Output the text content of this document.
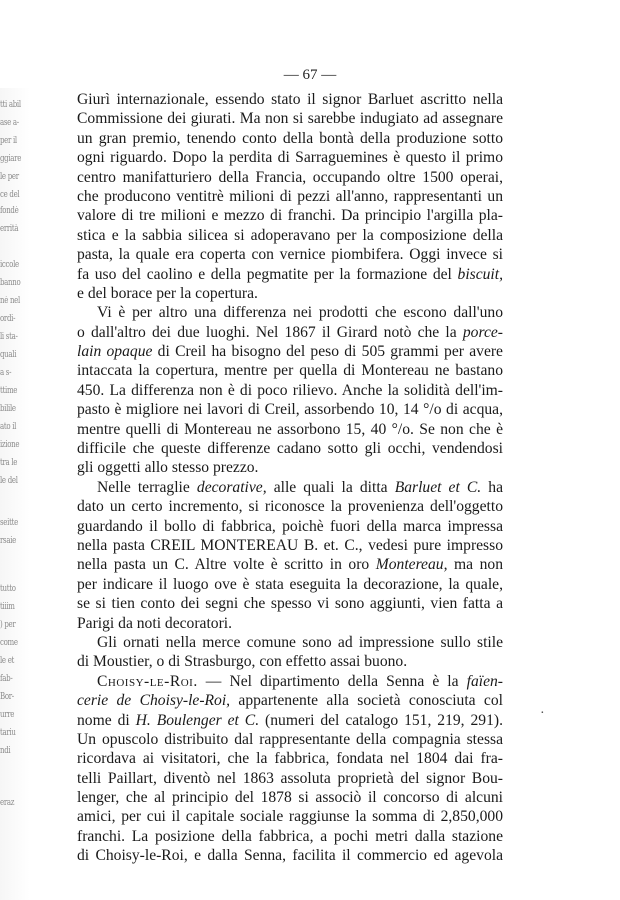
tti abil
ase a-
per il
ggiare
le per
ce del
fondè
errità
iccole
banno
nè nel
ordi-
li sta-
quali
a s-
ttime
bilile
ato il
izione
tra le
le del
seitte
rsaie
tutto
tiiim
) per
come
le et
fab-
Bor-
urre
tariu
ndi
eraz
— 67 —
Giurì internazionale, essendo stato il signor Barluet ascritto nella
Commissione dei giurati. Ma non si sarebbe indugiato ad assegnare
un gran premio, tenendo conto della bontà della produzione sotto
ogni riguardo. Dopo la perdita di Sarraguemines è questo il primo
centro manifatturiero della Francia, occupando oltre 1500 operai,
che producono ventitrè milioni di pezzi all'anno, rappresentanti un
valore di tre milioni e mezzo di franchi. Da principio l'argilla pla-
stica e la sabbia silicea si adoperavano per la composizione della
pasta, la quale era coperta con vernice piombifera. Oggi invece si
fa uso del caolino e della pegmatite per la formazione del biscuit,
e del borace per la copertura.
Vi è per altro una differenza nei prodotti che escono dall'uno
o dall'altro dei due luoghi. Nel 1867 il Girard notò che la porce-
lain opaque di Creil ha bisogno del peso di 505 grammi per avere
intaccata la copertura, mentre per quella di Montereau ne bastano
450. La differenza non è di poco rilievo. Anche la solidità dell'im-
pasto è migliore nei lavori di Creil, assorbendo 10, 14 °/o di acqua,
mentre quelli di Montereau ne assorbono 15, 40 °/o. Se non che è
difficile che queste differenze cadano sotto gli occhi, vendendosi
gli oggetti allo stesso prezzo.
Nelle terraglie decorative, alle quali la ditta Barluet et C. ha
dato un certo incremento, si riconosce la provenienza dell'oggetto
guardando il bollo di fabbrica, poichè fuori della marca impressa
nella pasta CREIL MONTEREAU B. et. C., vedesi pure impresso
nella pasta un C. Altre volte è scritto in oro Montereau, ma non
per indicare il luogo ove è stata eseguita la decorazione, la quale,
se si tien conto dei segni che spesso vi sono aggiunti, vien fatta a
Parigi da noti decoratori.
Gli ornati nella merce comune sono ad impressione sullo stile
di Moustier, o di Strasburgo, con effetto assai buono.
Choisy-le-Roi. — Nel dipartimento della Senna è la faïen-
cerie de Choisy-le-Roi, appartenente alla società conosciuta col
nome di H. Boulenger et C. (numeri del catalogo 151, 219, 291).
Un opuscolo distribuito dal rappresentante della compagnia stessa
ricordava ai visitatori, che la fabbrica, fondata nel 1804 dai fra-
telli Paillart, diventò nel 1863 assoluta proprietà del signor Bou-
lenger, che al principio del 1878 si associò il concorso di alcuni
amici, per cui il capitale sociale raggiunse la somma di 2,850,000
franchi. La posizione della fabbrica, a pochi metri dalla stazione
di Choisy-le-Roi, e dalla Senna, facilita il commercio ed agevola
·
